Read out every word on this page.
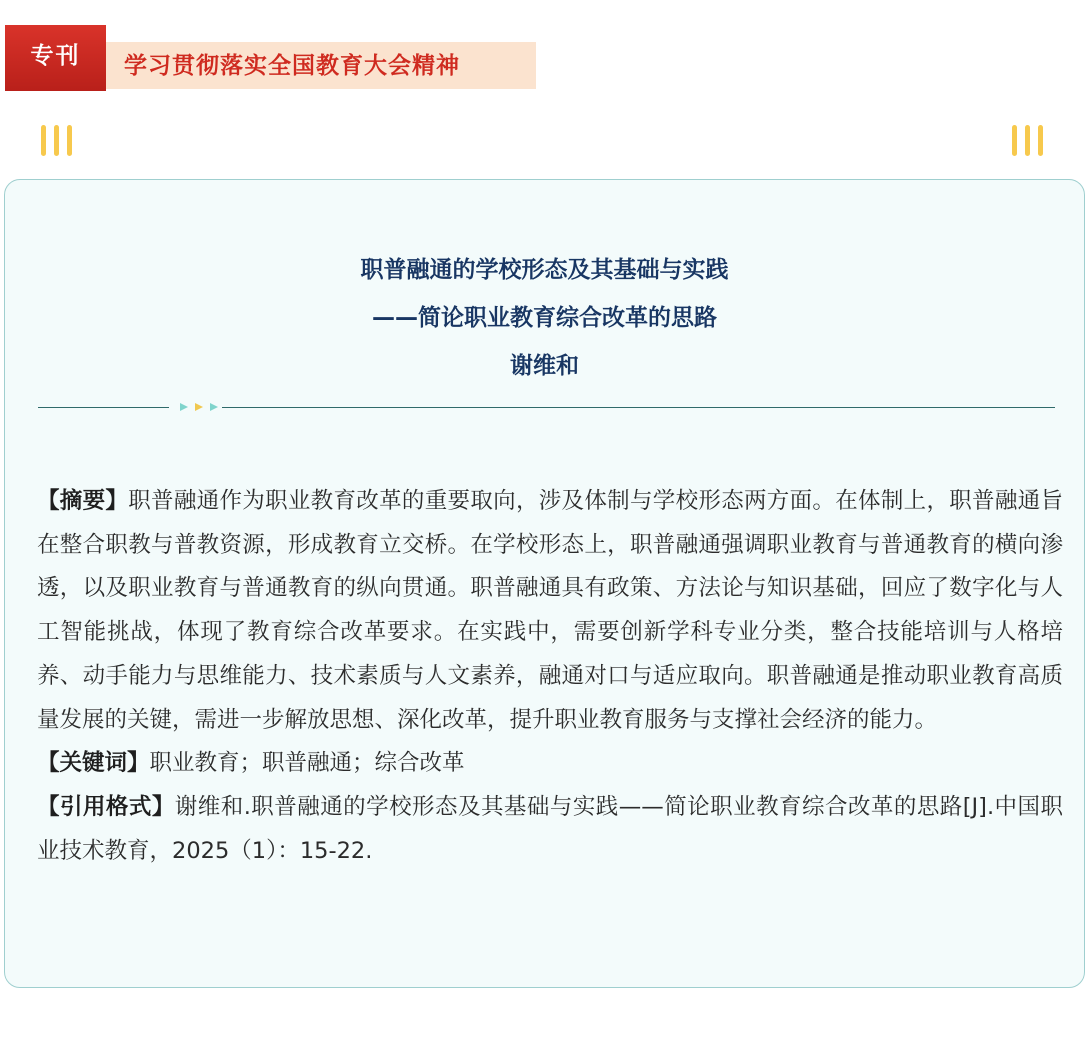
专刊	学习贯彻落实全国教育大会精神
职普融通的学校形态及其基础与实践
——简论职业教育综合改革的思路
谢维和

【摘要】职普融通作为职业教育改革的重要取向，涉及体制与学校形态两方面。在体制上，职普融通旨在整合职教与普教资源，形成教育立交桥。在学校形态上，职普融通强调职业教育与普通教育的横向渗透，以及职业教育与普通教育的纵向贯通。职普融通具有政策、方法论与知识基础，回应了数字化与人工智能挑战，体现了教育综合改革要求。在实践中，需要创新学科专业分类，整合技能培训与人格培养、动手能力与思维能力、技术素质与人文素养，融通对口与适应取向。职普融通是推动职业教育高质量发展的关键，需进一步解放思想、深化改革，提升职业教育服务与支撑社会经济的能力。

【关键词】职业教育；职普融通；综合改革

【引用格式】谢维和.职普融通的学校形态及其基础与实践——简论职业教育综合改革的思路[J].中国职业技术教育，2025（1）：15-22.
